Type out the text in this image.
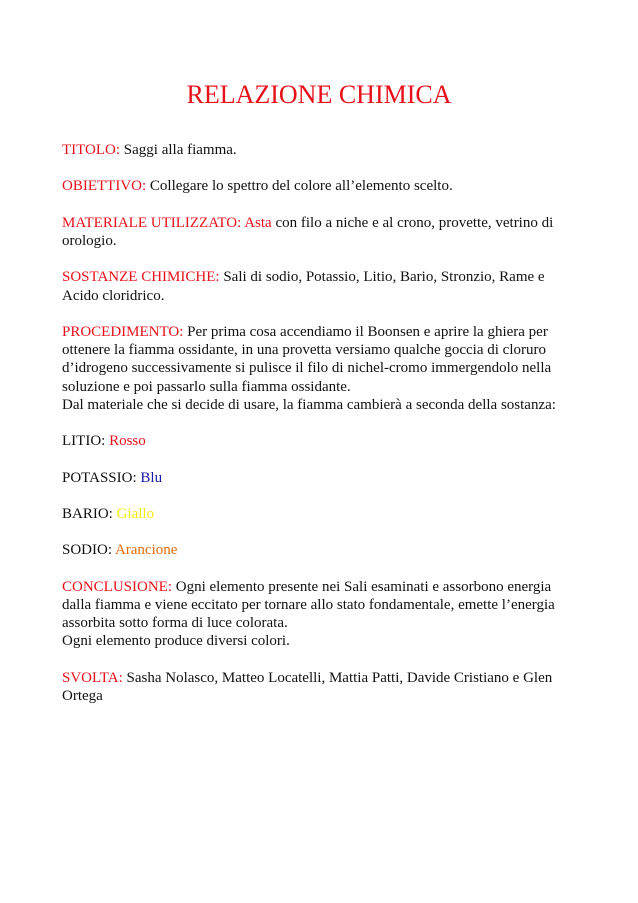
RELAZIONE CHIMICA

TITOLO: Saggi alla fiamma.

OBIETTIVO: Collegare lo spettro del colore all’elemento scelto.

MATERIALE UTILIZZATO: Asta con filo a niche e al crono, provette, vetrino di orologio.

SOSTANZE CHIMICHE: Sali di sodio, Potassio, Litio, Bario, Stronzio, Rame e Acido cloridrico.

PROCEDIMENTO: Per prima cosa accendiamo il Boonsen e aprire la ghiera per ottenere la fiamma ossidante, in una provetta versiamo qualche goccia di cloruro d’idrogeno successivamente si pulisce il filo di nichel-cromo immergendolo nella soluzione e poi passarlo sulla fiamma ossidante.
Dal materiale che si decide di usare, la fiamma cambierà a seconda della sostanza:

LITIO: Rosso

POTASSIO: Blu

BARIO: Giallo

SODIO: Arancione

CONCLUSIONE: Ogni elemento presente nei Sali esaminati e assorbono energia dalla fiamma e viene eccitato per tornare allo stato fondamentale, emette l’energia assorbita sotto forma di luce colorata.
Ogni elemento produce diversi colori.

SVOLTA: Sasha Nolasco, Matteo Locatelli, Mattia Patti, Davide Cristiano e Glen Ortega
